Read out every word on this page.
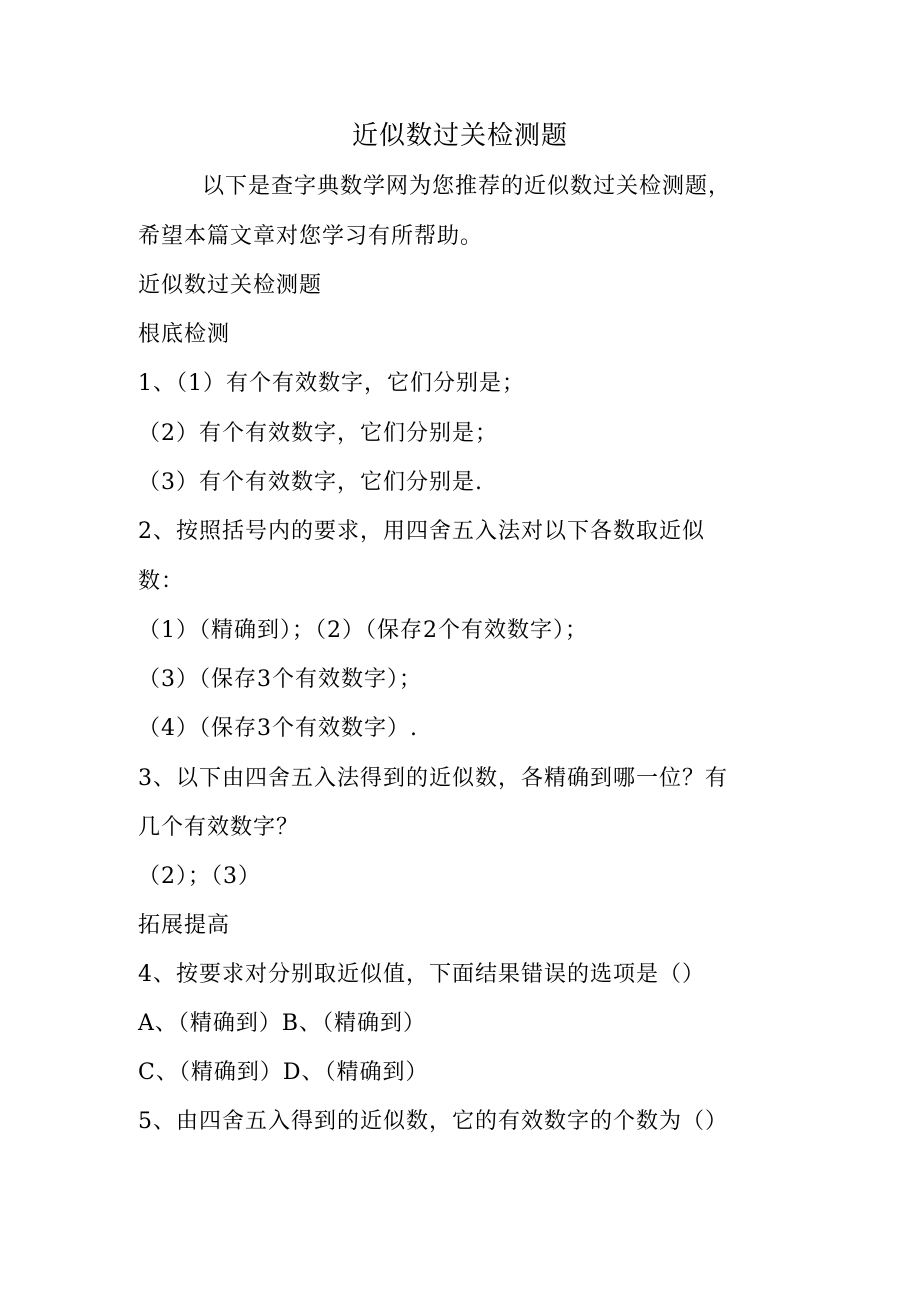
近似数过关检测题
以下是查字典数学网为您推荐的近似数过关检测题，
希望本篇文章对您学习有所帮助。
近似数过关检测题
根底检测
1、（1）有个有效数字，它们分别是；
（2）有个有效数字，它们分别是；
（3）有个有效数字，它们分别是.
2、按照括号内的要求，用四舍五入法对以下各数取近似
数：
（1）（精确到）；（2）（保存2个有效数字）；
（3）（保存3个有效数字）；
（4）（保存3个有效数字）.
3、以下由四舍五入法得到的近似数，各精确到哪一位？有
几个有效数字？
（2）；（3）
拓展提高
4、按要求对分别取近似值，下面结果错误的选项是（）
A、（精确到）B、（精确到）
C、（精确到）D、（精确到）
5、由四舍五入得到的近似数，它的有效数字的个数为（）
